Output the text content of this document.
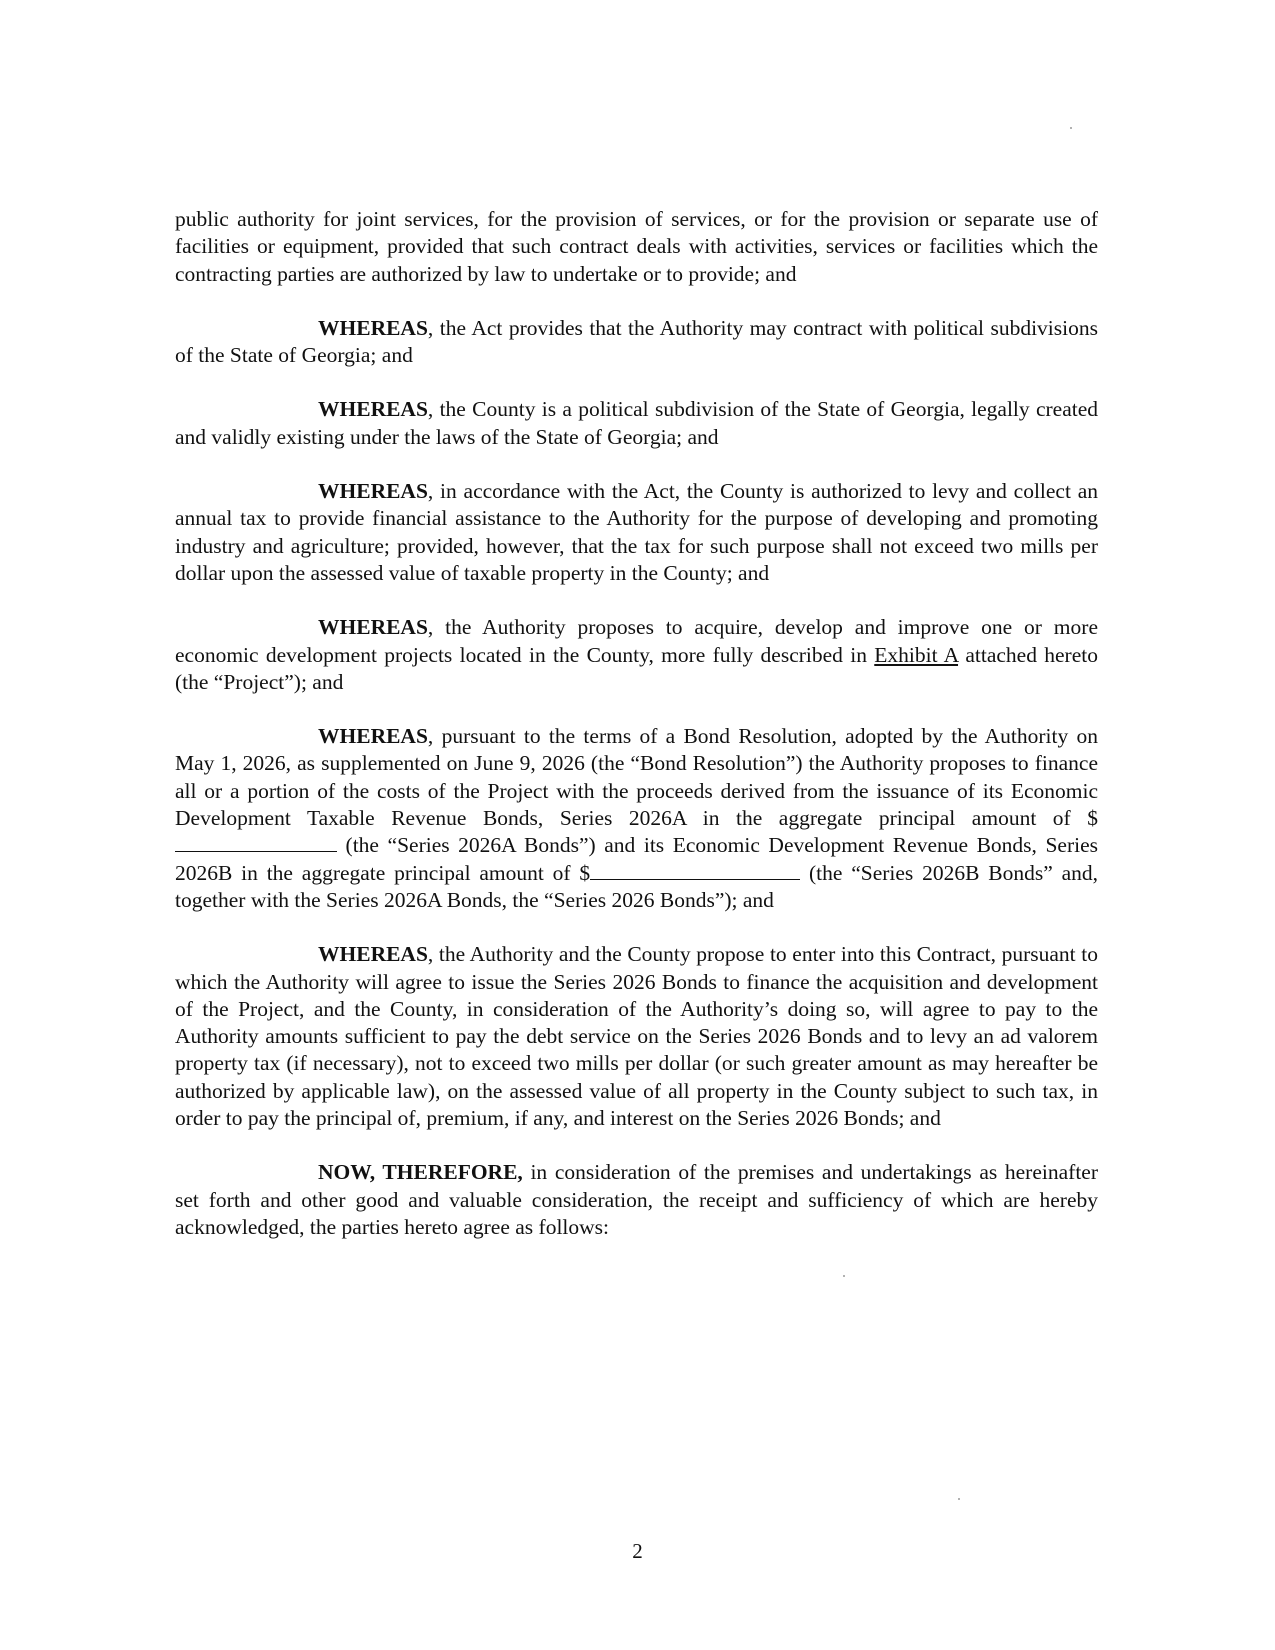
public authority for joint services, for the provision of services, or for the provision or separate use of facilities or equipment, provided that such contract deals with activities, services or facilities which the contracting parties are authorized by law to undertake or to provide; and

WHEREAS, the Act provides that the Authority may contract with political subdivisions of the State of Georgia; and

WHEREAS, the County is a political subdivision of the State of Georgia, legally created and validly existing under the laws of the State of Georgia; and

WHEREAS, in accordance with the Act, the County is authorized to levy and collect an annual tax to provide financial assistance to the Authority for the purpose of developing and promoting industry and agriculture; provided, however, that the tax for such purpose shall not exceed two mills per dollar upon the assessed value of taxable property in the County; and

WHEREAS, the Authority proposes to acquire, develop and improve one or more economic development projects located in the County, more fully described in Exhibit A attached hereto (the “Project”); and

WHEREAS, pursuant to the terms of a Bond Resolution, adopted by the Authority on May 1, 2026, as supplemented on June 9, 2026 (the “Bond Resolution”) the Authority proposes to finance all or a portion of the costs of the Project with the proceeds derived from the issuance of its Economic Development Taxable Revenue Bonds, Series 2026A in the aggregate principal amount of $ (the “Series 2026A Bonds”) and its Economic Development Revenue Bonds, Series 2026B in the aggregate principal amount of $	(the “Series 2026B Bonds” and, together with the Series 2026A Bonds, the “Series 2026 Bonds”); and

WHEREAS, the Authority and the County propose to enter into this Contract, pursuant to which the Authority will agree to issue the Series 2026 Bonds to finance the acquisition and development of the Project, and the County, in consideration of the Authority’s doing so, will agree to pay to the Authority amounts sufficient to pay the debt service on the Series 2026 Bonds and to levy an ad valorem property tax (if necessary), not to exceed two mills per dollar (or such greater amount as may hereafter be authorized by applicable law), on the assessed value of all property in the County subject to such tax, in order to pay the principal of, premium, if any, and interest on the Series 2026 Bonds; and

NOW, THEREFORE, in consideration of the premises and undertakings as hereinafter set forth and other good and valuable consideration, the receipt and sufficiency of which are hereby acknowledged, the parties hereto agree as follows:

2
